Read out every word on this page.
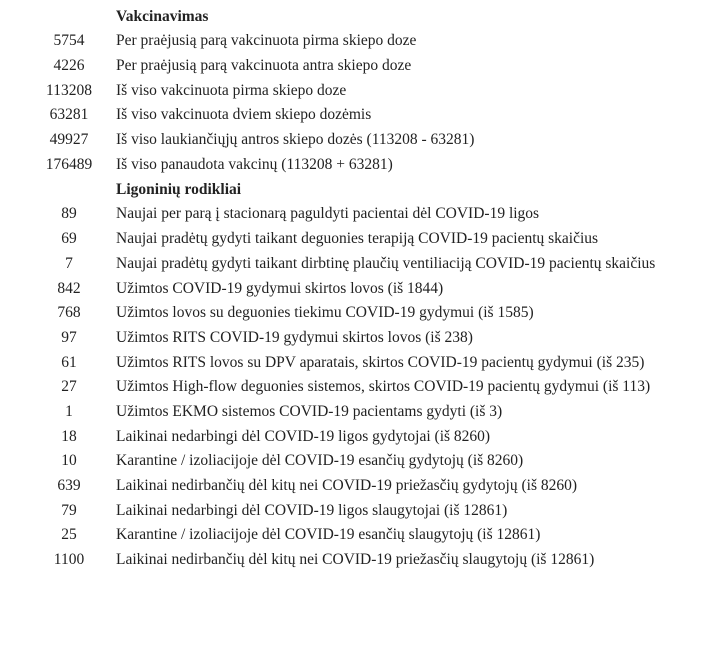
	Vakcinavimas
5754	Per praėjusią parą vakcinuota pirma skiepo doze
4226	Per praėjusią parą vakcinuota antra skiepo doze
113208	Iš viso vakcinuota pirma skiepo doze
63281	Iš viso vakcinuota dviem skiepo dozėmis
49927	Iš viso laukiančiųjų antros skiepo dozės (113208 - 63281)
176489	Iš viso panaudota vakcinų (113208 + 63281)
	Ligoninių rodikliai
89	Naujai per parą į stacionarą paguldyti pacientai dėl COVID-19 ligos
69	Naujai pradėtų gydyti taikant deguonies terapiją COVID-19 pacientų skaičius
7	Naujai pradėtų gydyti taikant dirbtinę plaučių ventiliaciją COVID-19 pacientų skaičius
842	Užimtos COVID-19 gydymui skirtos lovos (iš 1844)
768	Užimtos lovos su deguonies tiekimu COVID-19 gydymui (iš 1585)
97	Užimtos RITS COVID-19 gydymui skirtos lovos (iš 238)
61	Užimtos RITS lovos su DPV aparatais, skirtos COVID-19 pacientų gydymui (iš 235)
27	Užimtos High-flow deguonies sistemos, skirtos COVID-19 pacientų gydymui (iš 113)
1	Užimtos EKMO sistemos COVID-19 pacientams gydyti (iš 3)
18	Laikinai nedarbingi dėl COVID-19 ligos gydytojai (iš 8260)
10	Karantine / izoliacijoje dėl COVID-19 esančių gydytojų (iš 8260)
639	Laikinai nedirbančių dėl kitų nei COVID-19 priežasčių gydytojų (iš 8260)
79	Laikinai nedarbingi dėl COVID-19 ligos slaugytojai (iš 12861)
25	Karantine / izoliacijoje dėl COVID-19 esančių slaugytojų (iš 12861)
1100	Laikinai nedirbančių dėl kitų nei COVID-19 priežasčių slaugytojų (iš 12861)
